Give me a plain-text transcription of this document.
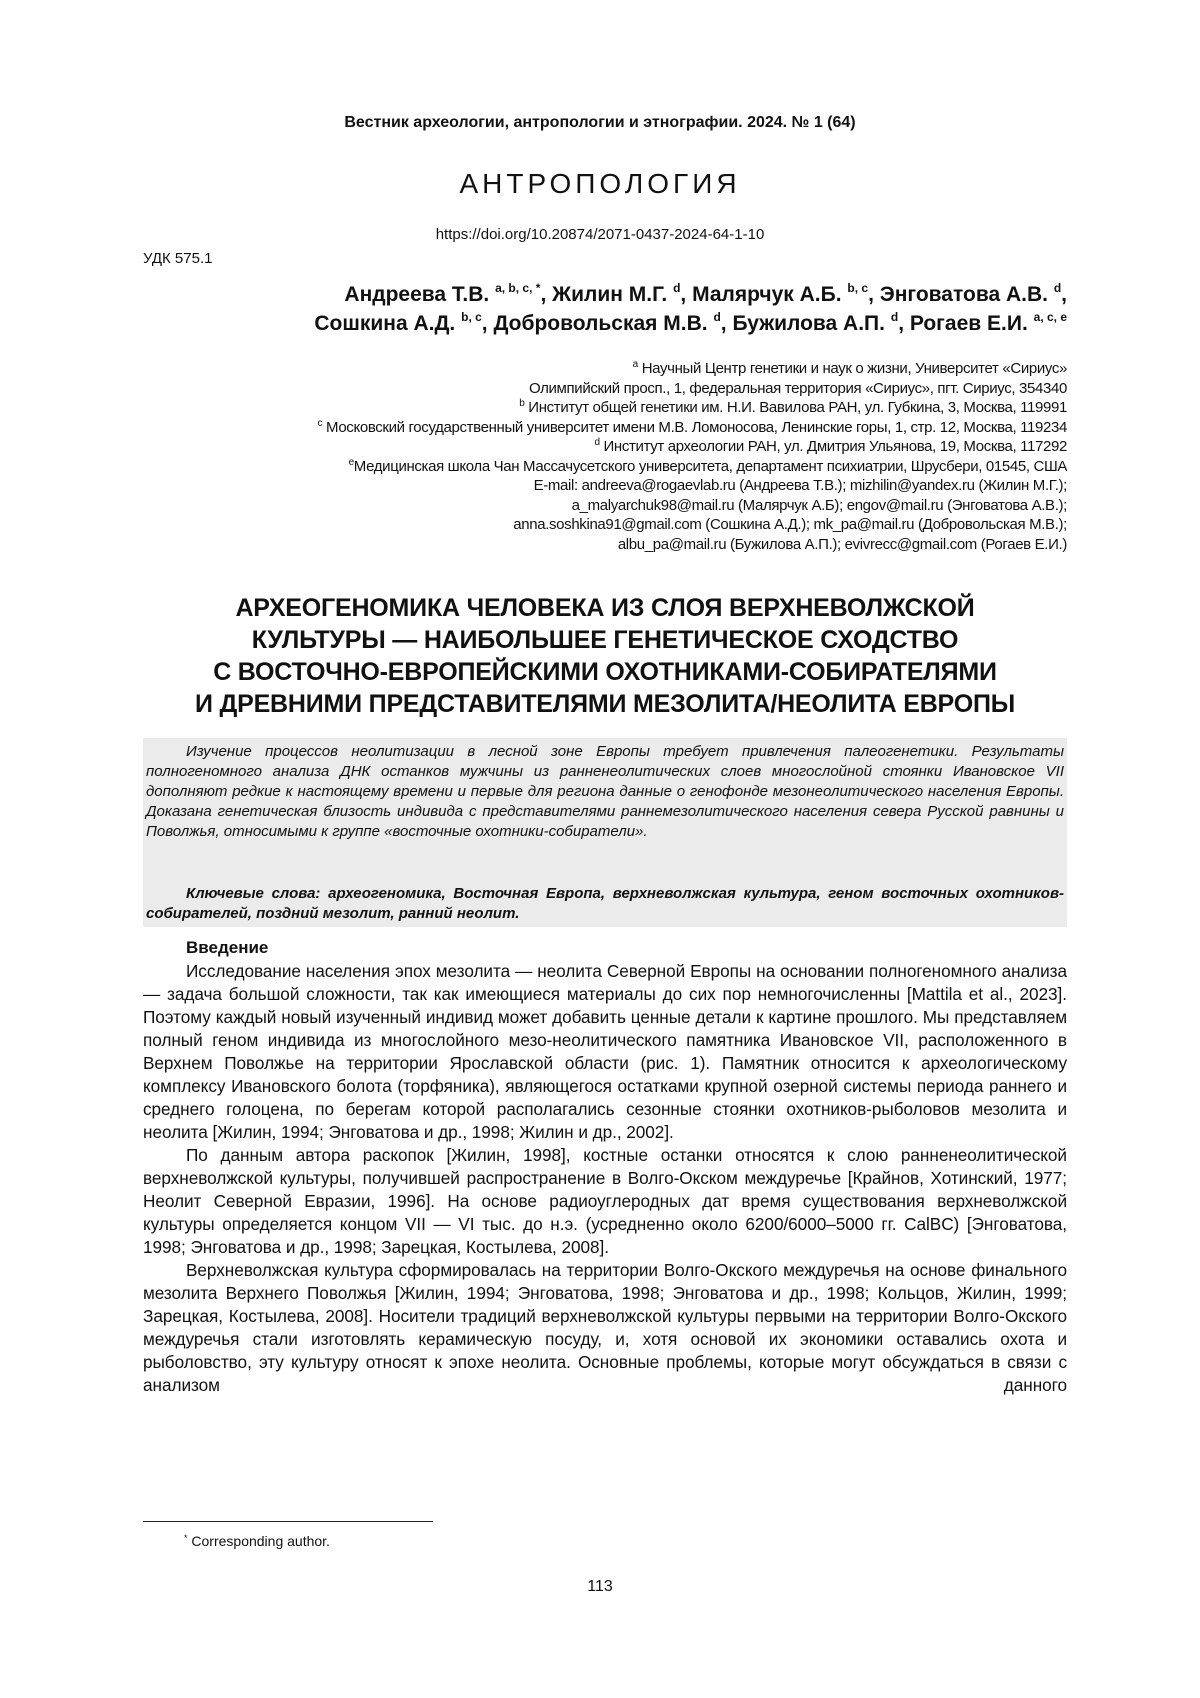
Вестник археологии, антропологии и этнографии. 2024. № 1 (64)
АНТРОПОЛОГИЯ
https://doi.org/10.20874/2071-0437-2024-64-1-10
УДК 575.1
Андреева Т.В. $^{a, b, c, *}$, Жилин М.Г. $^d$, Малярчук А.Б. $^{b, c}$, Энговатова А.В. $^d$,
Сошкина А.Д. $^{b, c}$, Добровольская М.В. $^d$, Бужилова А.П. $^d$, Рогаев Е.И. $^{a, c, e}$
$^a$ Научный Центр генетики и наук о жизни, Университет «Сириус»
Олимпийский просп., 1, федеральная территория «Сириус», пгт. Сириус, 354340
$^b$ Институт общей генетики им. Н.И. Вавилова РАН, ул. Губкина, 3, Москва, 119991
$^c$ Московский государственный университет имени М.В. Ломоносова, Ленинские горы, 1, стр. 12, Москва, 119234
$^d$ Институт археологии РАН, ул. Дмитрия Ульянова, 19, Москва, 117292
$^e$Медицинская школа Чан Массачусетского университета, департамент психиатрии, Шрусбери, 01545, США
E-mail: andreeva@rogaevlab.ru (Андреева Т.В.); mizhilin@yandex.ru (Жилин М.Г.);
a_malyarchuk98@mail.ru (Малярчук А.Б); engov@mail.ru (Энговатова А.В.);
anna.soshkina91@gmail.com (Сошкина А.Д.); mk_pa@mail.ru (Добровольская М.В.);
albu_pa@mail.ru (Бужилова А.П.); evivrecc@gmail.com (Рогаев Е.И.)
АРХЕОГЕНОМИКА ЧЕЛОВЕКА ИЗ СЛОЯ ВЕРХНЕВОЛЖСКОЙ
КУЛЬТУРЫ — НАИБОЛЬШЕЕ ГЕНЕТИЧЕСКОЕ СХОДСТВО
С ВОСТОЧНО-ЕВРОПЕЙСКИМИ ОХОТНИКАМИ-СОБИРАТЕЛЯМИ
И ДРЕВНИМИ ПРЕДСТАВИТЕЛЯМИ МЕЗОЛИТА/НЕОЛИТА ЕВРОПЫ
Изучение процессов неолитизации в лесной зоне Европы требует привлечения палеогенетики. Результаты полногеномного анализа ДНК останков мужчины из ранненеолитических слоев многослойной стоянки Ивановское VII дополняют редкие к настоящему времени и первые для региона данные о генофонде мезонеолитического населения Европы. Доказана генетическая близость индивида с представителями раннемезолитического населения севера Русской равнины и Поволжья, относимыми к группе «восточные охотники-собиратели».
Ключевые слова: археогеномика, Восточная Европа, верхневолжская культура, геном восточных охотников-собирателей, поздний мезолит, ранний неолит.
Введение

Исследование населения эпох мезолита — неолита Северной Европы на основании полногеномного анализа — задача большой сложности, так как имеющиеся материалы до сих пор немногочисленны [Mattila et al., 2023]. Поэтому каждый новый изученный индивид может добавить ценные детали к картине прошлого. Мы представляем полный геном индивида из многослойного мезо-неолитического памятника Ивановское VII, расположенного в Верхнем Поволжье на территории Ярославской области (рис. 1). Памятник относится к археологическому комплексу Ивановского болота (торфяника), являющегося остатками крупной озерной системы периода раннего и среднего голоцена, по берегам которой располагались сезонные стоянки охотников-рыболовов мезолита и неолита [Жилин, 1994; Энговатова и др., 1998; Жилин и др., 2002].

По данным автора раскопок [Жилин, 1998], костные останки относятся к слою ранненеолитической верхневолжской культуры, получившей распространение в Волго-Окском междуречье [Крайнов, Хотинский, 1977; Неолит Северной Евразии, 1996]. На основе радиоуглеродных дат время существования верхневолжской культуры определяется концом VII — VI тыс. до н.э. (усредненно около 6200/6000–5000 гг. CalBC) [Энговатова, 1998; Энговатова и др., 1998; Зарецкая, Костылева, 2008].

Верхневолжская культура сформировалась на территории Волго-Окского междуречья на основе финального мезолита Верхнего Поволжья [Жилин, 1994; Энговатова, 1998; Энговатова и др., 1998; Кольцов, Жилин, 1999; Зарецкая, Костылева, 2008]. Носители традиций верхневолжской культуры первыми на территории Волго-Окского междуречья стали изготовлять керамическую посуду, и, хотя основой их экономики оставались охота и рыболовство, эту культуру относят к эпохе неолита. Основные проблемы, которые могут обсуждаться в связи с анализом данного

* Corresponding author.
113
